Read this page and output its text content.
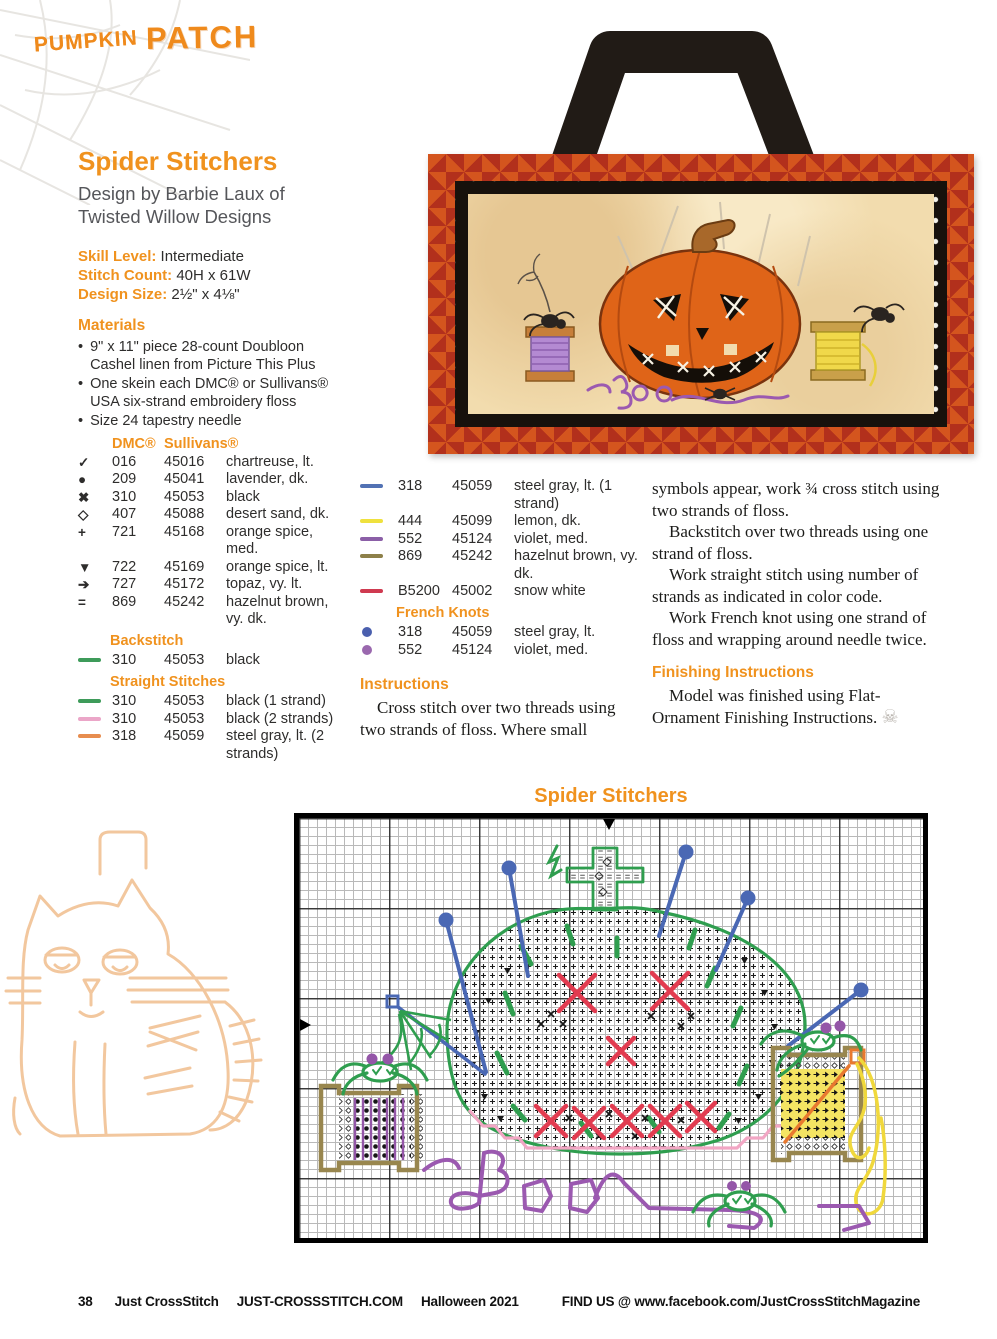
PUMPKIN PATCH
Spider Stitchers
Design by Barbie Laux of
Twisted Willow Designs
Skill Level: Intermediate
Stitch Count: 40H x 61W
Design Size: 2½" x 4⅛"
Materials
• 9" x 11" piece 28-count Doubloon Cashel linen from Picture This Plus
• One skein each DMC® or Sullivans® USA six-strand embroidery floss
• Size 24 tapestry needle
DMC® Sullivans®
✓	016	45016	chartreuse, lt.
●	209	45041	lavender, dk.
✖	310	45053	black
◇	407	45088	desert sand, dk.
+	721	45168	orange spice, med.
▼	722	45169	orange spice, lt.
➔	727	45172	topaz, vy. lt.
=	869	45242	hazelnut brown, vy. dk.
Backstitch
310	45053	black
Straight Stitches
310	45053	black (1 strand)
310	45053	black (2 strands)
318	45059	steel gray, lt. (2 strands)
318	45059	steel gray, lt. (1 strand)
444	45099	lemon, dk.
552	45124	violet, med.
869	45242	hazelnut brown, vy. dk.
B5200 45002	snow white
French Knots
318	45059	steel gray, lt.
552	45124	violet, med.
Instructions
Cross stitch over two threads using two strands of floss. Where small
symbols appear, work ¾ cross stitch using two strands of floss.
Backstitch over two threads using one strand of floss.
Work straight stitch using number of strands as indicated in color code.
Work French knot using one strand of floss and wrapping around needle twice.
Finishing Instructions
Model was finished using Flat-Ornament Finishing Instructions. ☠
Spider Stitchers
38 Just CrossStitch JUST-CROSSSTITCH.COM Halloween 2021	FIND US @ www.facebook.com/JustCrossStitchMagazine
